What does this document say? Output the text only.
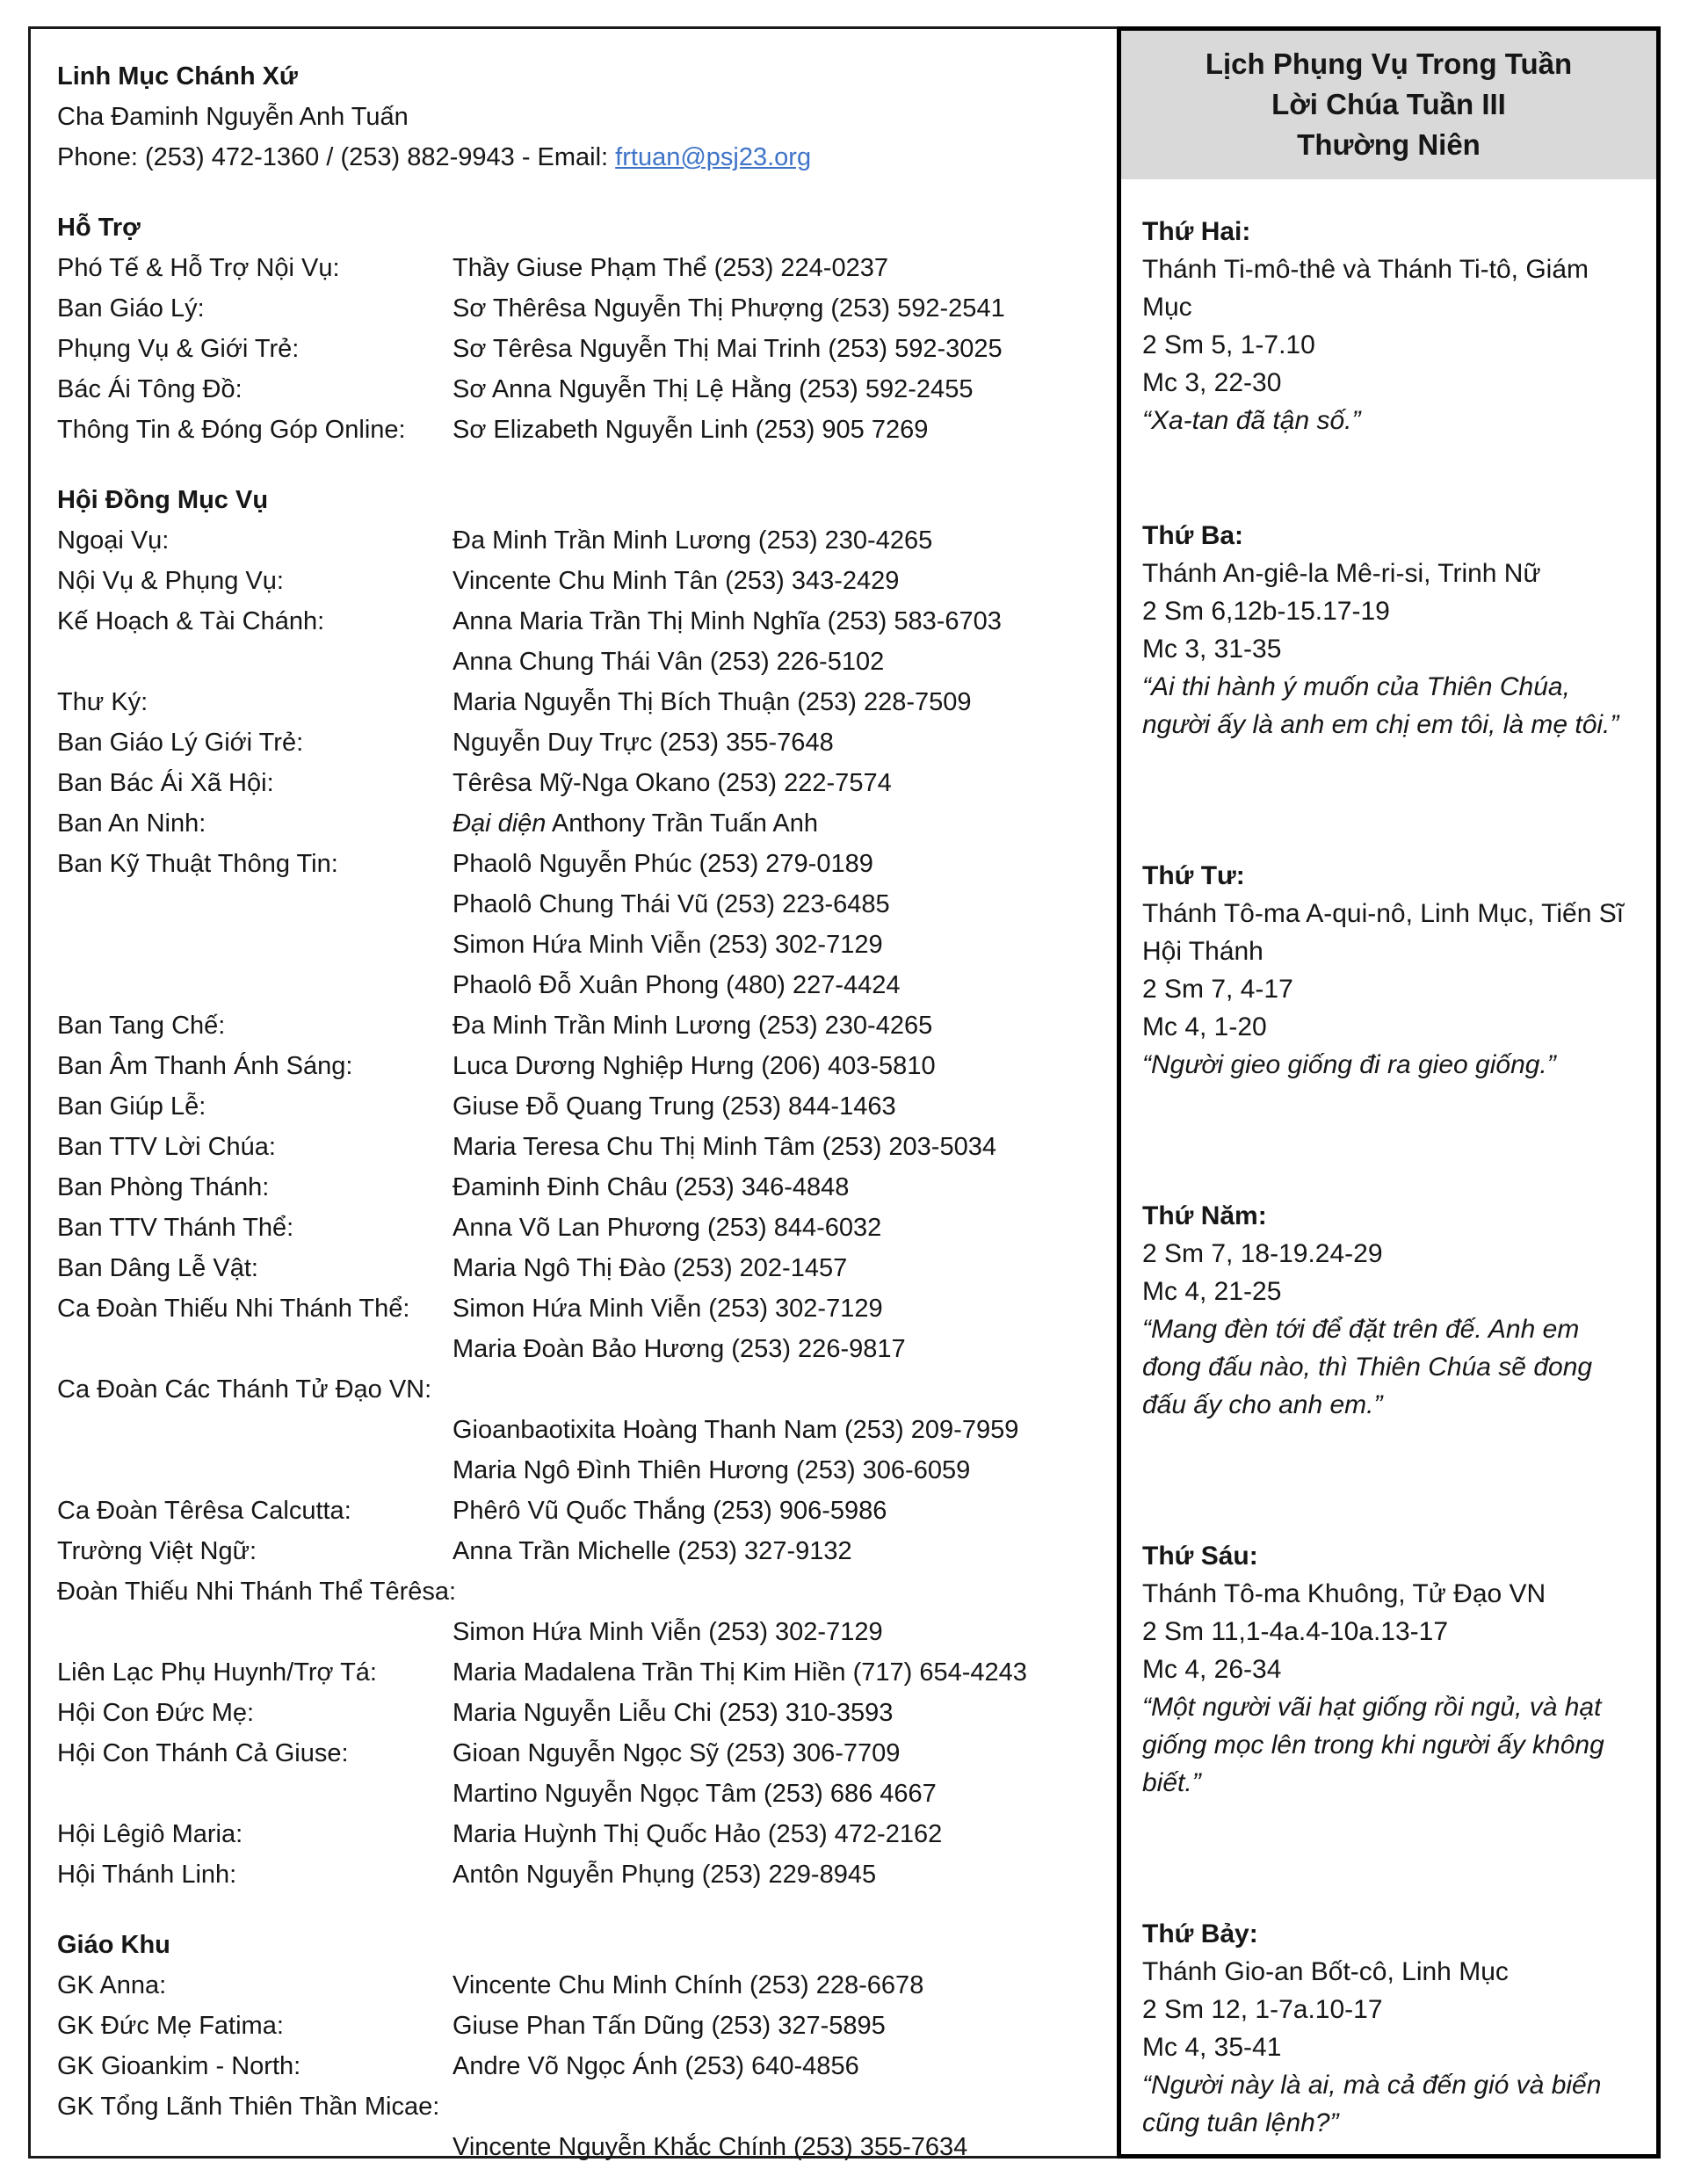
Linh Mục Chánh Xứ
Cha Đaminh Nguyễn Anh Tuấn
Phone: (253) 472-1360 / (253) 882-9943 - Email: frtuan@psj23.org
Hỗ Trợ
Phó Tế & Hỗ Trợ Nội Vụ:	Thầy Giuse Phạm Thể (253) 224-0237
Ban Giáo Lý:	Sơ Thêrêsa Nguyễn Thị Phượng (253) 592-2541
Phụng Vụ & Giới Trẻ:	Sơ Têrêsa Nguyễn Thị Mai Trinh (253) 592-3025
Bác Ái Tông Đồ:	Sơ Anna Nguyễn Thị Lệ Hằng (253) 592-2455
Thông Tin & Đóng Góp Online:	Sơ Elizabeth Nguyễn Linh (253) 905 7269
Hội Đồng Mục Vụ
Ngoại Vụ:	Đa Minh Trần Minh Lương (253) 230-4265
Nội Vụ & Phụng Vụ:	Vincente Chu Minh Tân (253) 343-2429
Kế Hoạch & Tài Chánh:	Anna Maria Trần Thị Minh Nghĩa (253) 583-6703
Anna Chung Thái Vân (253) 226-5102
Thư Ký:	Maria Nguyễn Thị Bích Thuận (253) 228-7509
Ban Giáo Lý Giới Trẻ:	Nguyễn Duy Trực (253) 355-7648
Ban Bác Ái Xã Hội:	Têrêsa Mỹ-Nga Okano (253) 222-7574
Ban An Ninh:	Đại diện Anthony Trần Tuấn Anh
Ban Kỹ Thuật Thông Tin:	Phaolô Nguyễn Phúc (253) 279-0189
Phaolô Chung Thái Vũ (253) 223-6485
Simon Hứa Minh Viễn (253) 302-7129
Phaolô Đỗ Xuân Phong (480) 227-4424
Ban Tang Chế:	Đa Minh Trần Minh Lương (253) 230-4265
Ban Âm Thanh Ánh Sáng:	Luca Dương Nghiệp Hưng (206) 403-5810
Ban Giúp Lễ:	Giuse Đỗ Quang Trung (253) 844-1463
Ban TTV Lời Chúa:	Maria Teresa Chu Thị Minh Tâm (253) 203-5034
Ban Phòng Thánh:	Đaminh Đinh Châu (253) 346-4848
Ban TTV Thánh Thể:	Anna Võ Lan Phương (253) 844-6032
Ban Dâng Lễ Vật:	Maria Ngô Thị Đào (253) 202-1457
Ca Đoàn Thiếu Nhi Thánh Thể:	Simon Hứa Minh Viễn (253) 302-7129
Maria Đoàn Bảo Hương (253) 226-9817
Ca Đoàn Các Thánh Tử Đạo VN:
Gioanbaotixita Hoàng Thanh Nam (253) 209-7959
Maria Ngô Đình Thiên Hương (253) 306-6059
Ca Đoàn Têrêsa Calcutta:	Phêrô Vũ Quốc Thắng (253) 906-5986
Trường Việt Ngữ:	Anna Trần Michelle (253) 327-9132
Đoàn Thiếu Nhi Thánh Thể Têrêsa:
Simon Hứa Minh Viễn (253) 302-7129
Liên Lạc Phụ Huynh/Trợ Tá:	Maria Madalena Trần Thị Kim Hiền (717) 654-4243
Hội Con Đức Mẹ:	Maria Nguyễn Liễu Chi (253) 310-3593
Hội Con Thánh Cả Giuse:	Gioan Nguyễn Ngọc Sỹ (253) 306-7709
Martino Nguyễn Ngọc Tâm (253) 686 4667
Hội Lêgiô Maria:	Maria Huỳnh Thị Quốc Hảo (253) 472-2162
Hội Thánh Linh:	Antôn Nguyễn Phụng (253) 229-8945
Giáo Khu
GK Anna:	Vincente Chu Minh Chính (253) 228-6678
GK Đức Mẹ Fatima:	Giuse Phan Tấn Dũng (253) 327-5895
GK Gioankim - North:	Andre Võ Ngọc Ánh (253) 640-4856
GK Tổng Lãnh Thiên Thần Micae:
Vincente Nguyễn Khắc Chính (253) 355-7634
Lịch Phụng Vụ Trong Tuần
Lời Chúa Tuần III
Thường Niên
Thứ Hai:
Thánh Ti-mô-thê và Thánh Ti-tô, Giám Mục
2 Sm 5, 1-7.10
Mc 3, 22-30
“Xa-tan đã tận số.”
Thứ Ba:
Thánh An-giê-la Mê-ri-si, Trinh Nữ
2 Sm 6,12b-15.17-19
Mc 3, 31-35
“Ai thi hành ý muốn của Thiên Chúa, người ấy là anh em chị em tôi, là mẹ tôi.”
Thứ Tư:
Thánh Tô-ma A-qui-nô, Linh Mục, Tiến Sĩ Hội Thánh
2 Sm 7, 4-17
Mc 4, 1-20
“Người gieo giống đi ra gieo giống.”
Thứ Năm:
2 Sm 7, 18-19.24-29
Mc 4, 21-25
“Mang đèn tới để đặt trên đế. Anh em đong đấu nào, thì Thiên Chúa sẽ đong đấu ấy cho anh em.”
Thứ Sáu:
Thánh Tô-ma Khuông, Tử Đạo VN
2 Sm 11,1-4a.4-10a.13-17
Mc 4, 26-34
“Một người vãi hạt giống rồi ngủ, và hạt giống mọc lên trong khi người ấy không biết.”
Thứ Bảy:
Thánh Gio-an Bốt-cô, Linh Mục
2 Sm 12, 1-7a.10-17
Mc 4, 35-41
“Người này là ai, mà cả đến gió và biển cũng tuân lệnh?”
